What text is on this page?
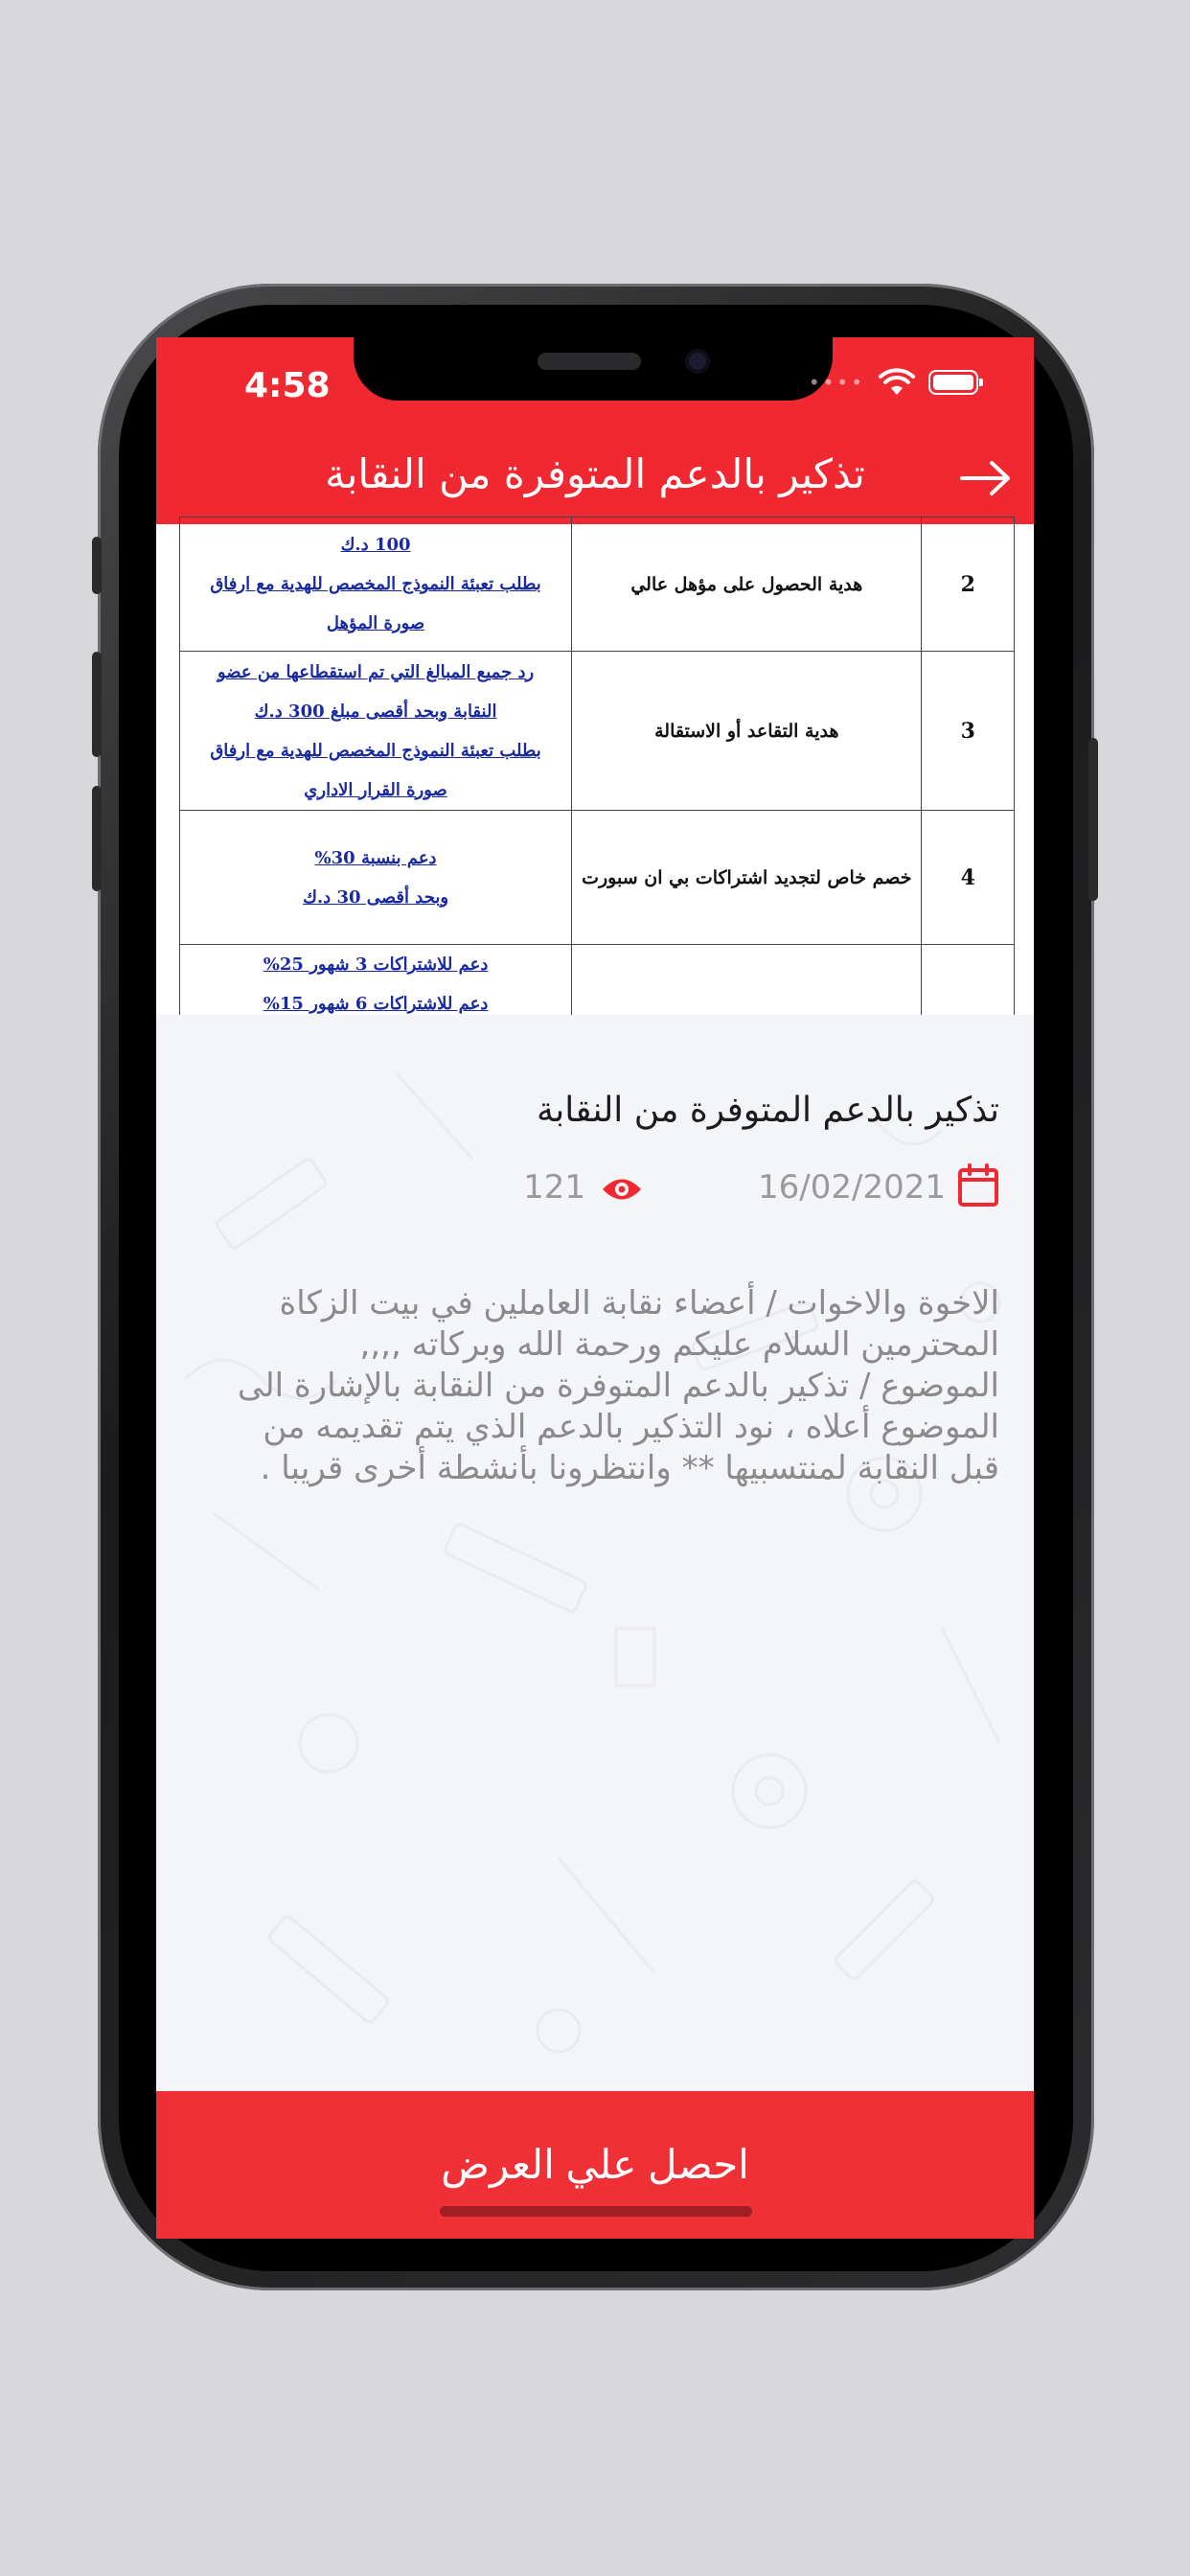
4:58	••••
تذكير بالدعم المتوفرة من النقابة
2	هدية الحصول على مؤهل عالي	100 د.ك
بطلب تعبئة النموذج المخصص للهدية مع ارفاق
صورة المؤهل

3	هدية التقاعد أو الاستقالة	رد جميع المبالغ التي تم استقطاعها من عضو
النقابة وبحد أقصى مبلغ 300 د.ك
بطلب تعبئة النموذج المخصص للهدية مع ارفاق
صورة القرار الاداري

4	خصم خاص لتجديد اشتراكات بي ان سبورت	دعم بنسبة 30%
وبحد أقصى 30 د.ك

دعم للاشتراكات 3 شهور 25%
دعم للاشتراكات 6 شهور 15%
تذكير بالدعم المتوفرة من النقابة
16/02/2021
121
الاخوة والاخوات / أعضاء نقابة العاملين في بيت الزكاة
المحترمين السلام عليكم ورحمة الله وبركاته ,,,,
الموضوع / تذكير بالدعم المتوفرة من النقابة بالإشارة الى
الموضوع أعلاه ، نود التذكير بالدعم الذي يتم تقديمه من
قبل النقابة لمنتسبيها ** وانتظرونا بأنشطة أخرى قريبا .
احصل علي العرض
